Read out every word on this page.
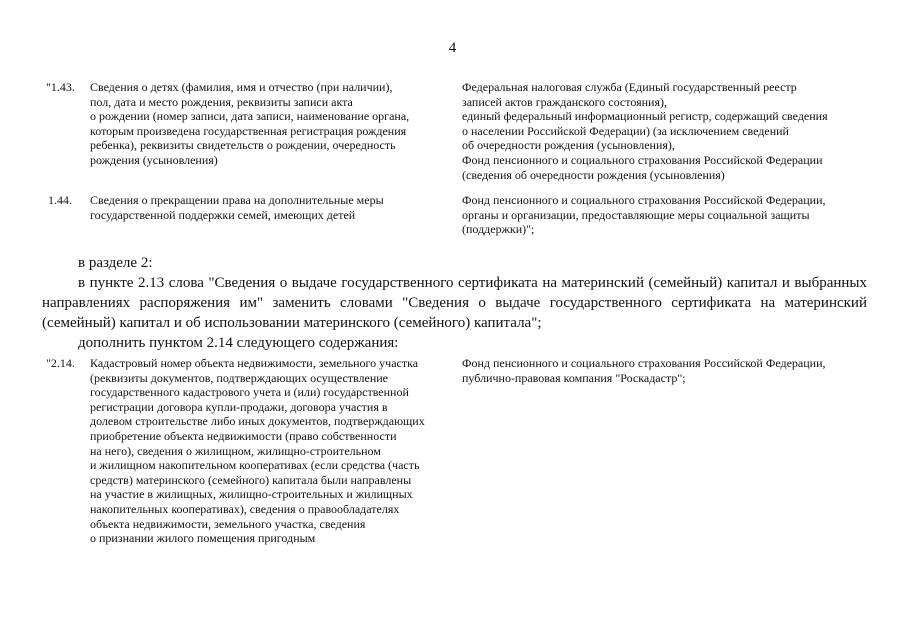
4
"1.43. Сведения о детях (фамилия, имя и отчество (при наличии),
пол, дата и место рождения, реквизиты записи акта
о рождении (номер записи, дата записи, наименование органа,
которым произведена государственная регистрация рождения
ребенка), реквизиты свидетельств о рождении, очередность
рождения (усыновления)
Федеральная налоговая служба (Единый государственный реестр
записей актов гражданского состояния),
единый федеральный информационный регистр, содержащий сведения
о населении Российской Федерации) (за исключением сведений
об очередности рождения (усыновления),
Фонд пенсионного и социального страхования Российской Федерации
(сведения об очередности рождения (усыновления)
1.44. Сведения о прекращении права на дополнительные меры
государственной поддержки семей, имеющих детей
Фонд пенсионного и социального страхования Российской Федерации,
органы и организации, предоставляющие меры социальной защиты
(поддержки)";
в разделе 2:
в пункте 2.13 слова "Сведения о выдаче государственного сертификата на материнский (семейный) капитал и выбранных направлениях распоряжения им" заменить словами "Сведения о выдаче государственного сертификата на материнский (семейный) капитал и об использовании материнского (семейного) капитала";
дополнить пунктом 2.14 следующего содержания:
"2.14. Кадастровый номер объекта недвижимости, земельного участка
(реквизиты документов, подтверждающих осуществление
государственного кадастрового учета и (или) государственной
регистрации договора купли-продажи, договора участия в
долевом строительстве либо иных документов, подтверждающих
приобретение объекта недвижимости (право собственности
на него), сведения о жилищном, жилищно-строительном
и жилищном накопительном кооперативах (если средства (часть
средств) материнского (семейного) капитала были направлены
на участие в жилищных, жилищно-строительных и жилищных
накопительных кооперативах), сведения о правообладателях
объекта недвижимости, земельного участка, сведения
о признании жилого помещения пригодным
Фонд пенсионного и социального страхования Российской Федерации,
публично-правовая компания "Роскадастр";
